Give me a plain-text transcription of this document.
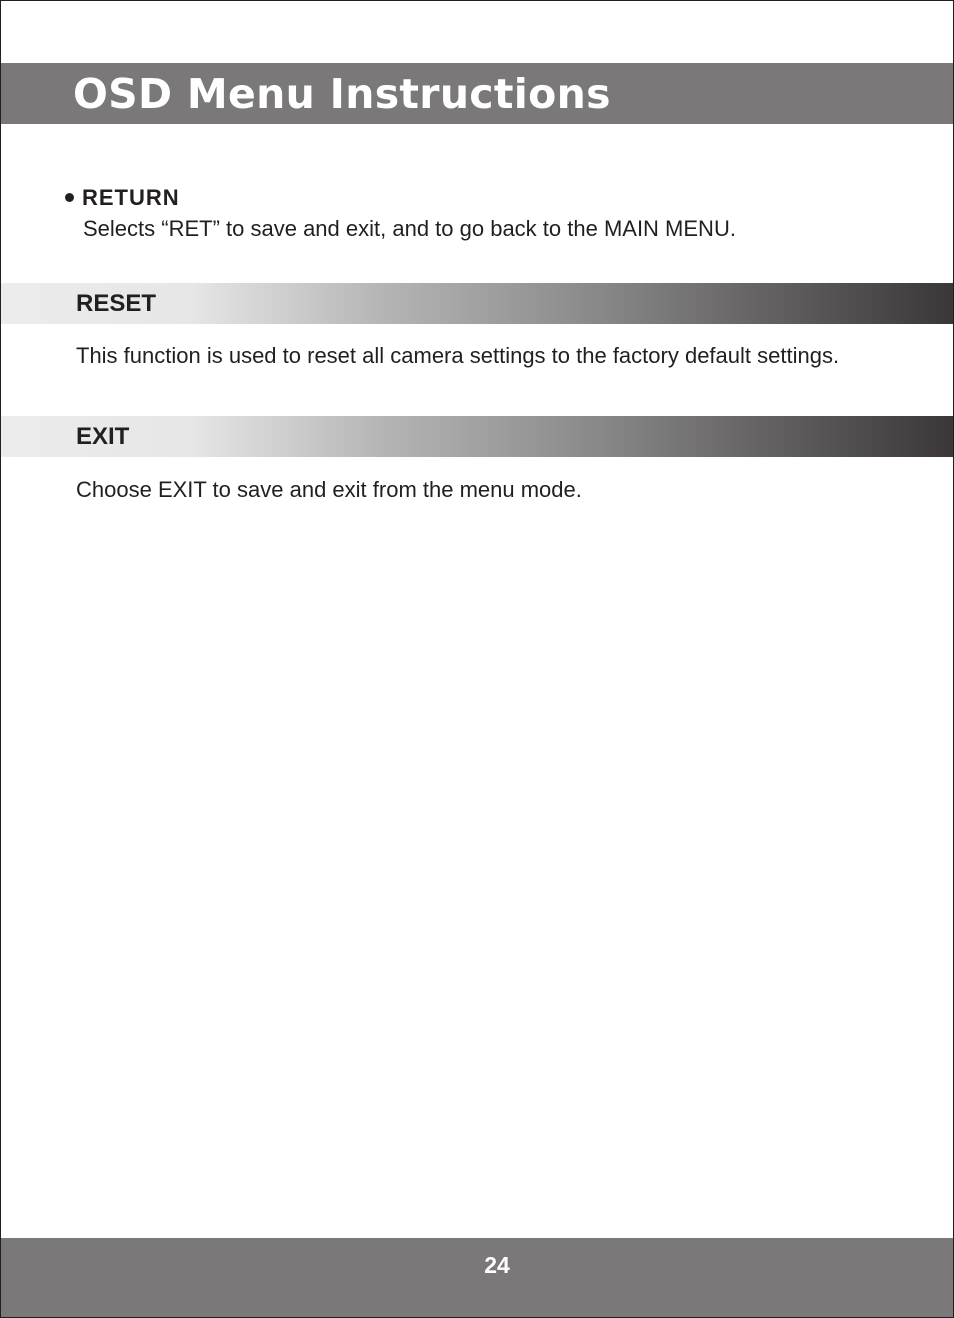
OSD Menu Instructions
RETURN
Selects “RET” to save and exit, and to go back to the MAIN MENU.
RESET
This function is used to reset all camera settings to the factory default settings.
EXIT
Choose EXIT to save and exit from the menu mode.
24
